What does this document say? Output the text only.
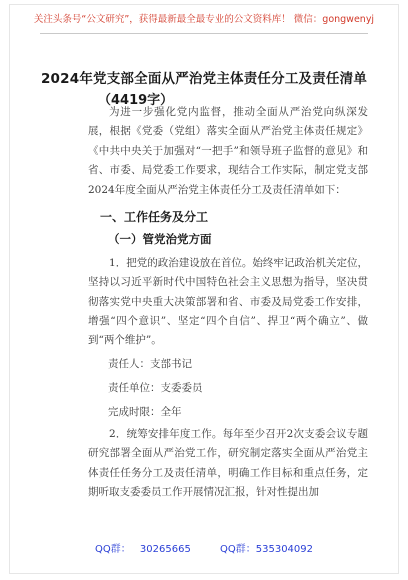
关注头条号“公文研究”，获得最新最全最专业的公文资料库！ 微信：gongwenyj
2024年党支部全面从严治党主体责任分工及责任清单
（4419字）

为进一步强化党内监督，推动全面从严治党向纵深发展，根据《党委（党组）落实全面从严治党主体责任规定》《中共中央关于加强对“一把手”和领导班子监督的意见》和省、市委、局党委工作要求，现结合工作实际，制定党支部2024年度全面从严治党主体责任分工及责任清单如下：

一、工作任务及分工

（一）管党治党方面

1．把党的政治建设放在首位。始终牢记政治机关定位，坚持以习近平新时代中国特色社会主义思想为指导，坚决贯彻落实党中央重大决策部署和省、市委及局党委工作安排，增强“四个意识”、坚定“四个自信”、捍卫“两个确立”、做到“两个维护”。

责任人：支部书记

责任单位：支委委员

完成时限：全年

2．统筹安排年度工作。每年至少召开2次支委会议专题研究部署全面从严治党工作，研究制定落实全面从严治党主体责任任务分工及责任清单，明确工作目标和重点任务，定期听取支委委员工作开展情况汇报，针对性提出加

QQ群： 30265665	QQ群：535304092
